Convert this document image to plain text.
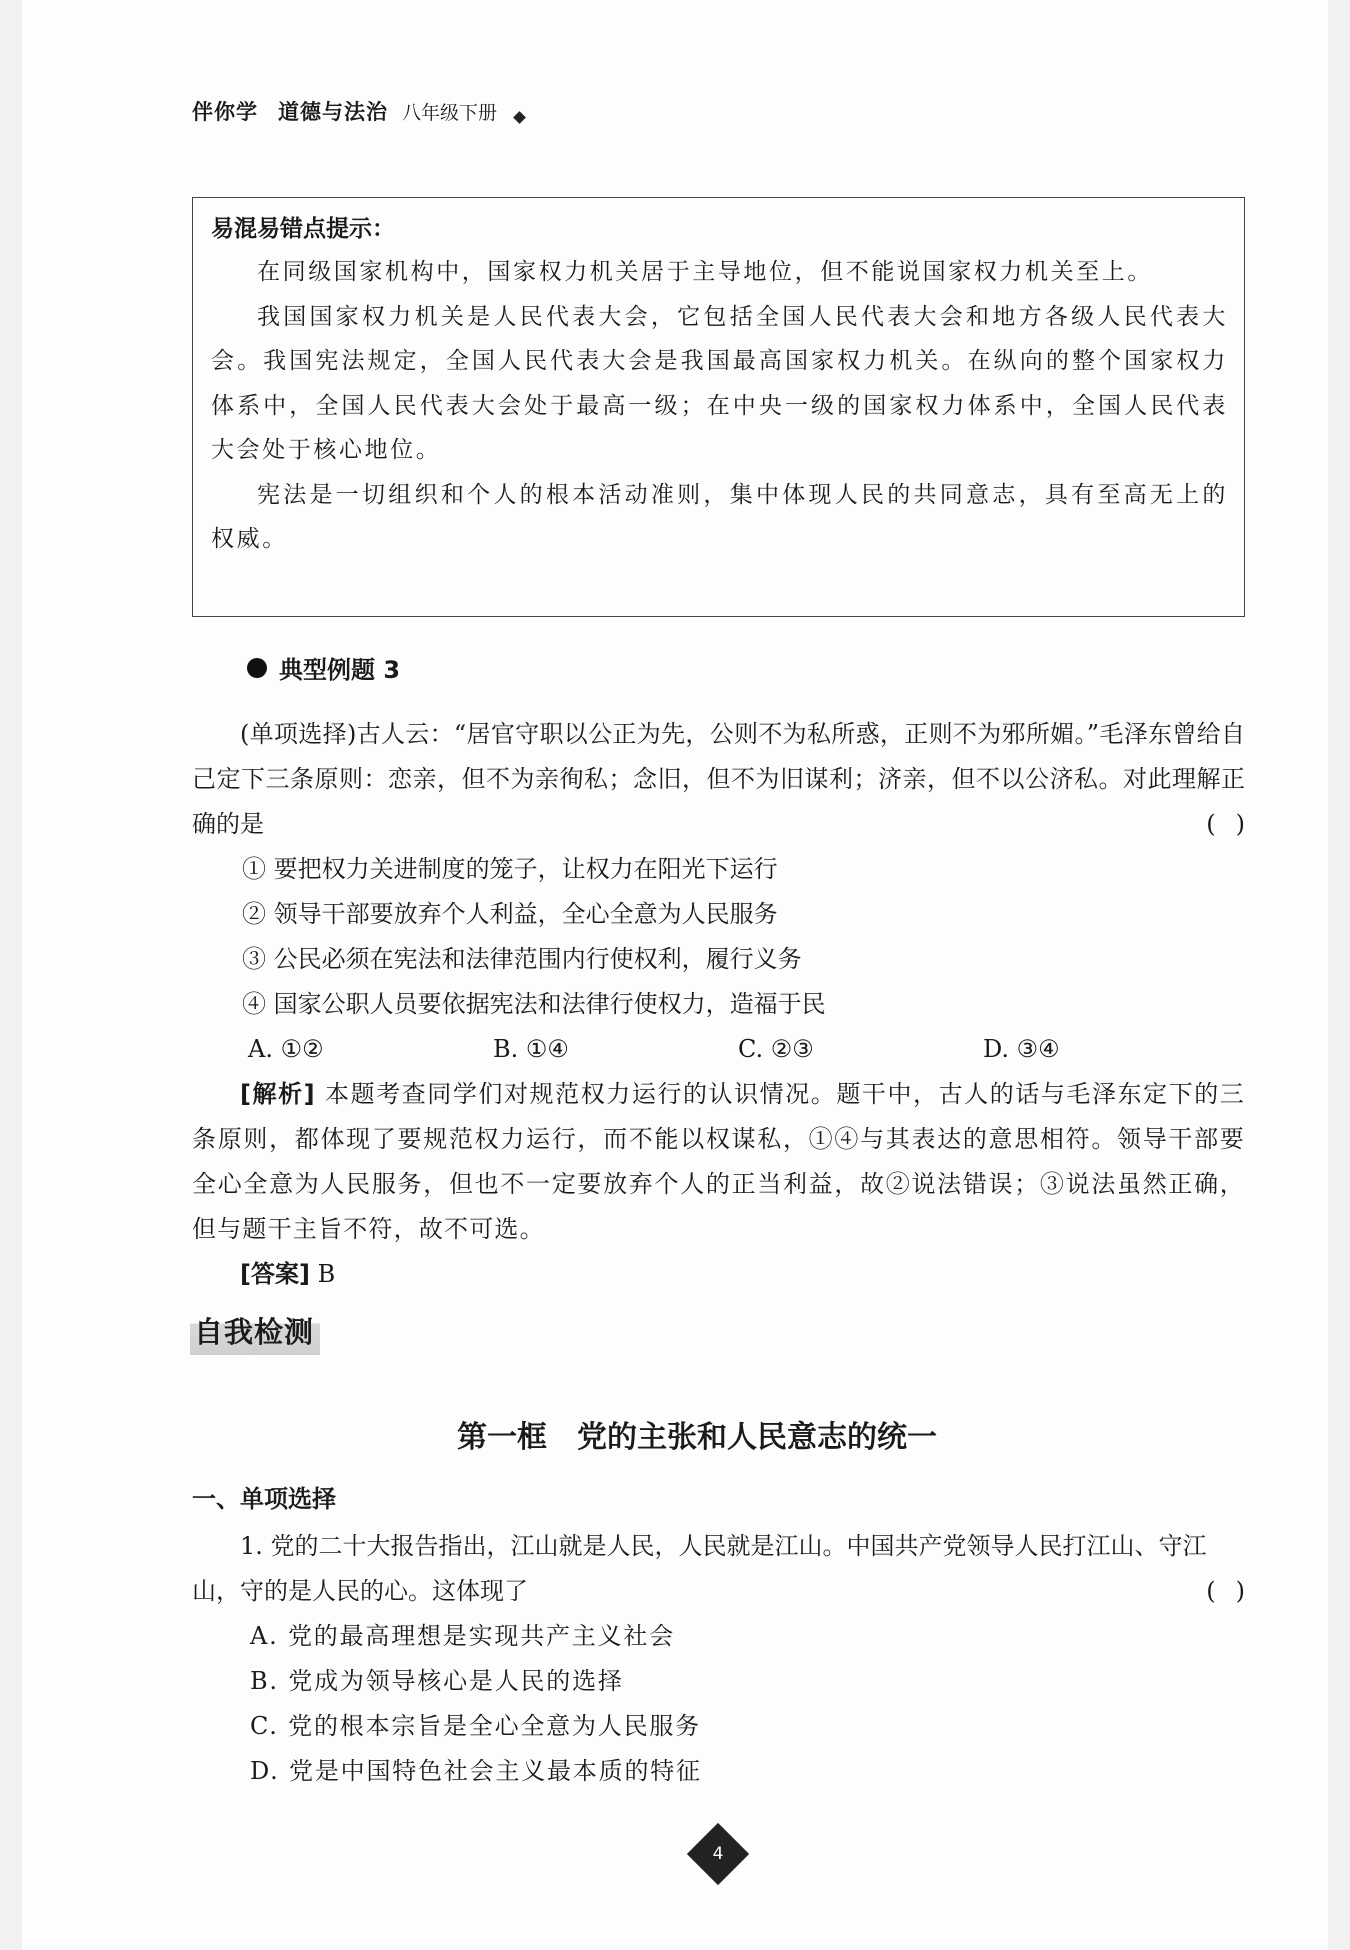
伴你学 道德与法治 八年级下册
易混易错点提示：

在同级国家机构中，国家权力机关居于主导地位，但不能说国家权力机关至上。

我国国家权力机关是人民代表大会，它包括全国人民代表大会和地方各级人民代表大会。我国宪法规定，全国人民代表大会是我国最高国家权力机关。在纵向的整个国家权力体系中，全国人民代表大会处于最高一级；在中央一级的国家权力体系中，全国人民代表大会处于核心地位。

宪法是一切组织和个人的根本活动准则，集中体现人民的共同意志，具有至高无上的权威。

典型例题 3

(单项选择)古人云：“居官守职以公正为先，公则不为私所惑，正则不为邪所媚。”毛泽东曾给自己定下三条原则：恋亲，但不为亲徇私；念旧，但不为旧谋利；济亲，但不以公济私。对此理解正确的是	()

① 要把权力关进制度的笼子，让权力在阳光下运行

② 领导干部要放弃个人利益，全心全意为人民服务

③ 公民必须在宪法和法律范围内行使权利，履行义务

④ 国家公职人员要依据宪法和法律行使权力，造福于民

A. ①②	B. ①④	C. ②③	D. ③④

[解析] 本题考查同学们对规范权力运行的认识情况。题干中，古人的话与毛泽东定下的三条原则，都体现了要规范权力运行，而不能以权谋私，①④与其表达的意思相符。领导干部要全心全意为人民服务，但也不一定要放弃个人的正当利益，故②说法错误；③说法虽然正确，但与题干主旨不符，故不可选。

[答案] B

自我检测
第一框　党的主张和人民意志的统一
一、单项选择

1. 党的二十大报告指出，江山就是人民，人民就是江山。中国共产党领导人民打江山、守江山，守的是人民的心。这体现了	()

A. 党的最高理想是实现共产主义社会

B. 党成为领导核心是人民的选择

C. 党的根本宗旨是全心全意为人民服务

D. 党是中国特色社会主义最本质的特征

4
